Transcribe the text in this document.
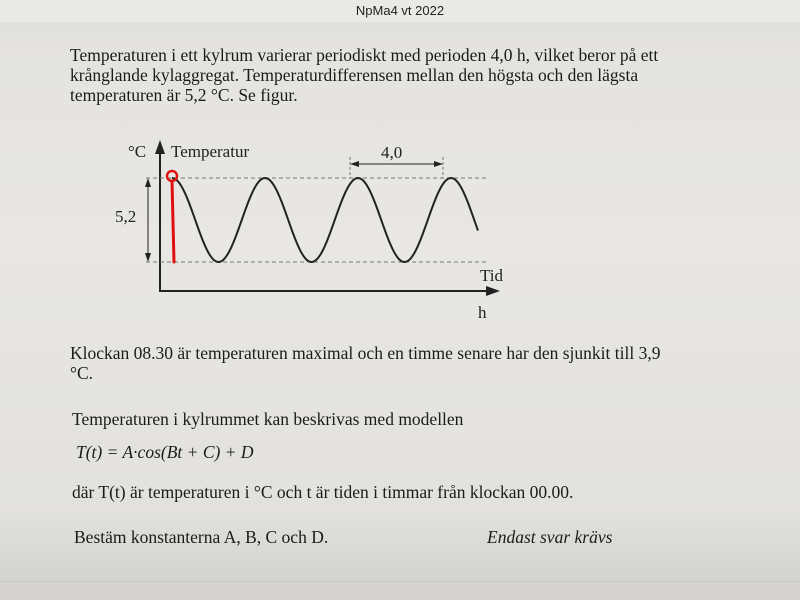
NpMa4 vt 2022
Temperaturen i ett kylrum varierar periodiskt med perioden 4,0 h, vilket beror på ett krånglande kylaggregat. Temperaturdifferensen mellan den högsta och den lägsta temperaturen är 5,2 °C. Se figur.
°C Temperatur	4,0
5,2
Tid
h
Klockan 08.30 är temperaturen maximal och en timme senare har den sjunkit till 3,9 °C.
Temperaturen i kylrummet kan beskrivas med modellen
T(t) = A·cos(Bt + C) + D
där T(t) är temperaturen i °C och t är tiden i timmar från klockan 00.00.
Bestäm konstanterna A, B, C och D.	Endast svar krävs
